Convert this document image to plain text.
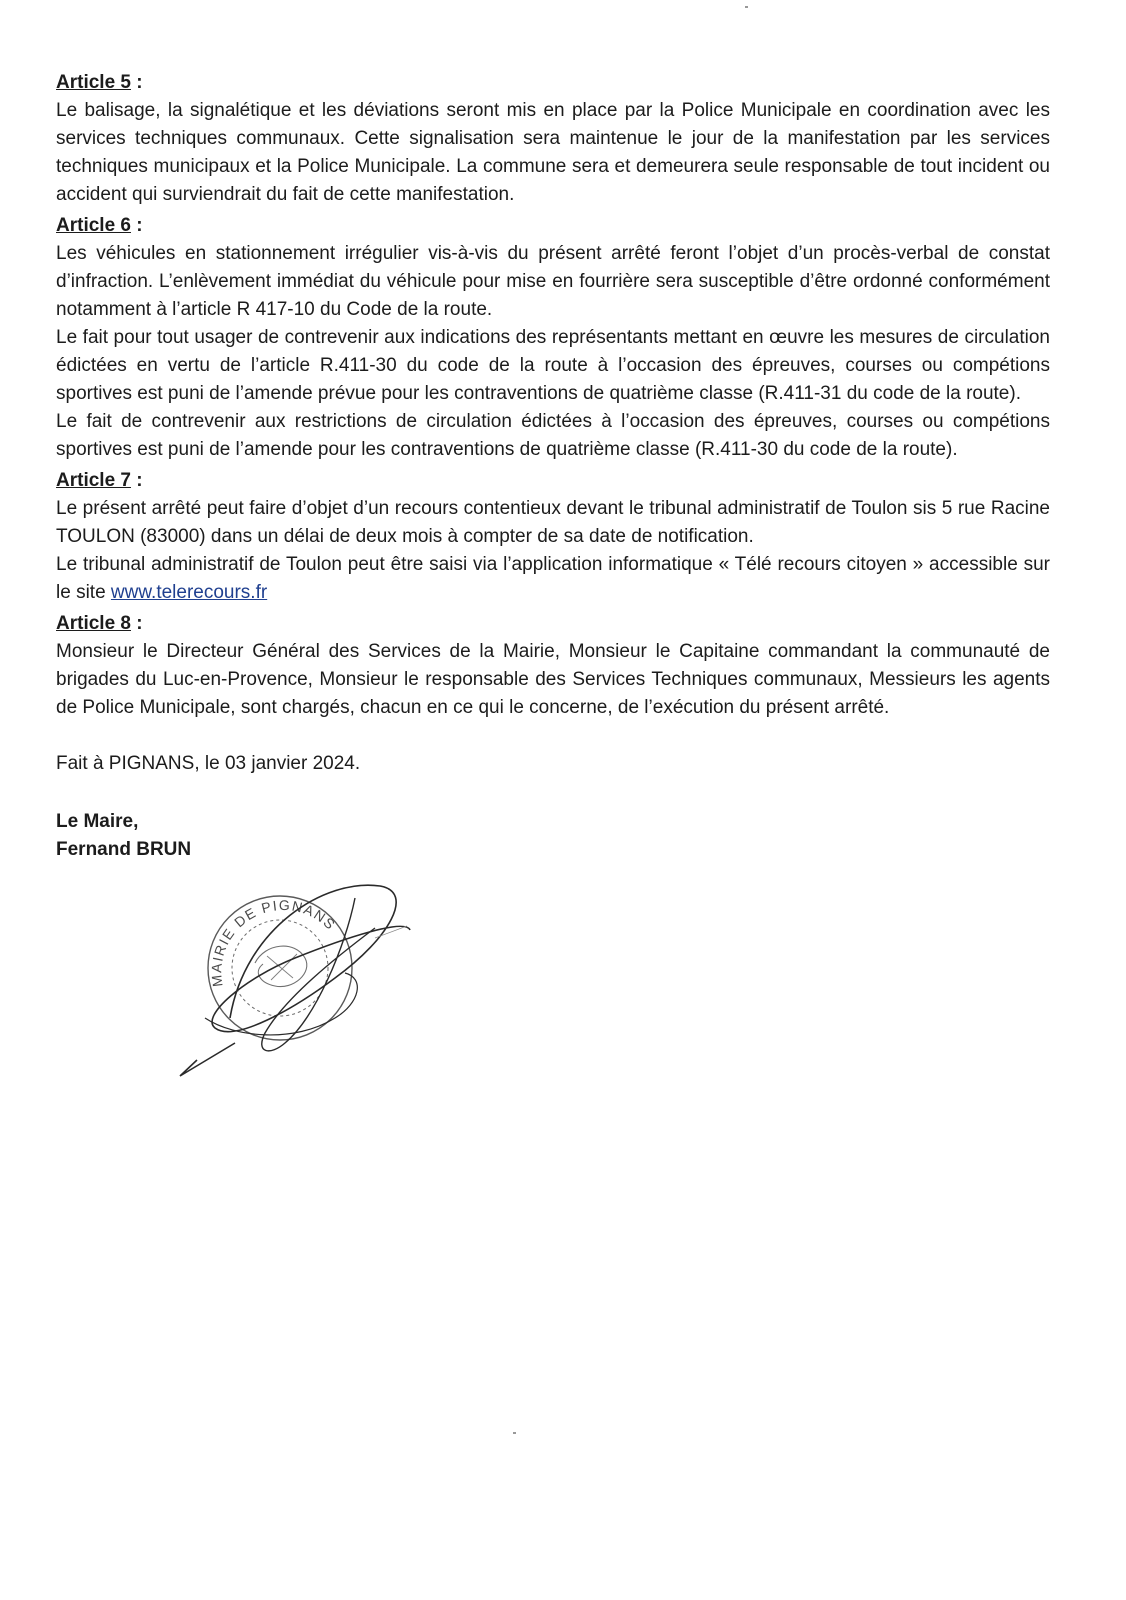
Article 5 :

Le balisage, la signalétique et les déviations seront mis en place par la Police Municipale en coordination avec les services techniques communaux. Cette signalisation sera maintenue le jour de la manifestation par les services techniques municipaux et la Police Municipale. La commune sera et demeurera seule responsable de tout incident ou accident qui surviendrait du fait de cette manifestation.

Article 6 :

Les véhicules en stationnement irrégulier vis-à-vis du présent arrêté feront l’objet d’un procès-verbal de constat d’infraction. L’enlèvement immédiat du véhicule pour mise en fourrière sera susceptible d’être ordonné conformément notamment à l’article R 417-10 du Code de la route.

Le fait pour tout usager de contrevenir aux indications des représentants mettant en œuvre les mesures de circulation édictées en vertu de l’article R.411-30 du code de la route à l’occasion des épreuves, courses ou compétions sportives est puni de l’amende prévue pour les contraventions de quatrième classe (R.411-31 du code de la route).

Le fait de contrevenir aux restrictions de circulation édictées à l’occasion des épreuves, courses ou compétions sportives est puni de l’amende pour les contraventions de quatrième classe (R.411-30 du code de la route).

Article 7 :

Le présent arrêté peut faire d’objet d’un recours contentieux devant le tribunal administratif de Toulon sis 5 rue Racine TOULON (83000) dans un délai de deux mois à compter de sa date de notification.

Le tribunal administratif de Toulon peut être saisi via l’application informatique « Télé recours citoyen » accessible sur le site www.telerecours.fr

Article 8 :

Monsieur le Directeur Général des Services de la Mairie, Monsieur le Capitaine commandant la communauté de brigades du Luc-en-Provence, Monsieur le responsable des Services Techniques communaux, Messieurs les agents de Police Municipale, sont chargés, chacun en ce qui le concerne, de l’exécution du présent arrêté.

Fait à PIGNANS, le 03 janvier 2024.
Le Maire,
Fernand BRUN
MAIRIE DE PIGNANS
